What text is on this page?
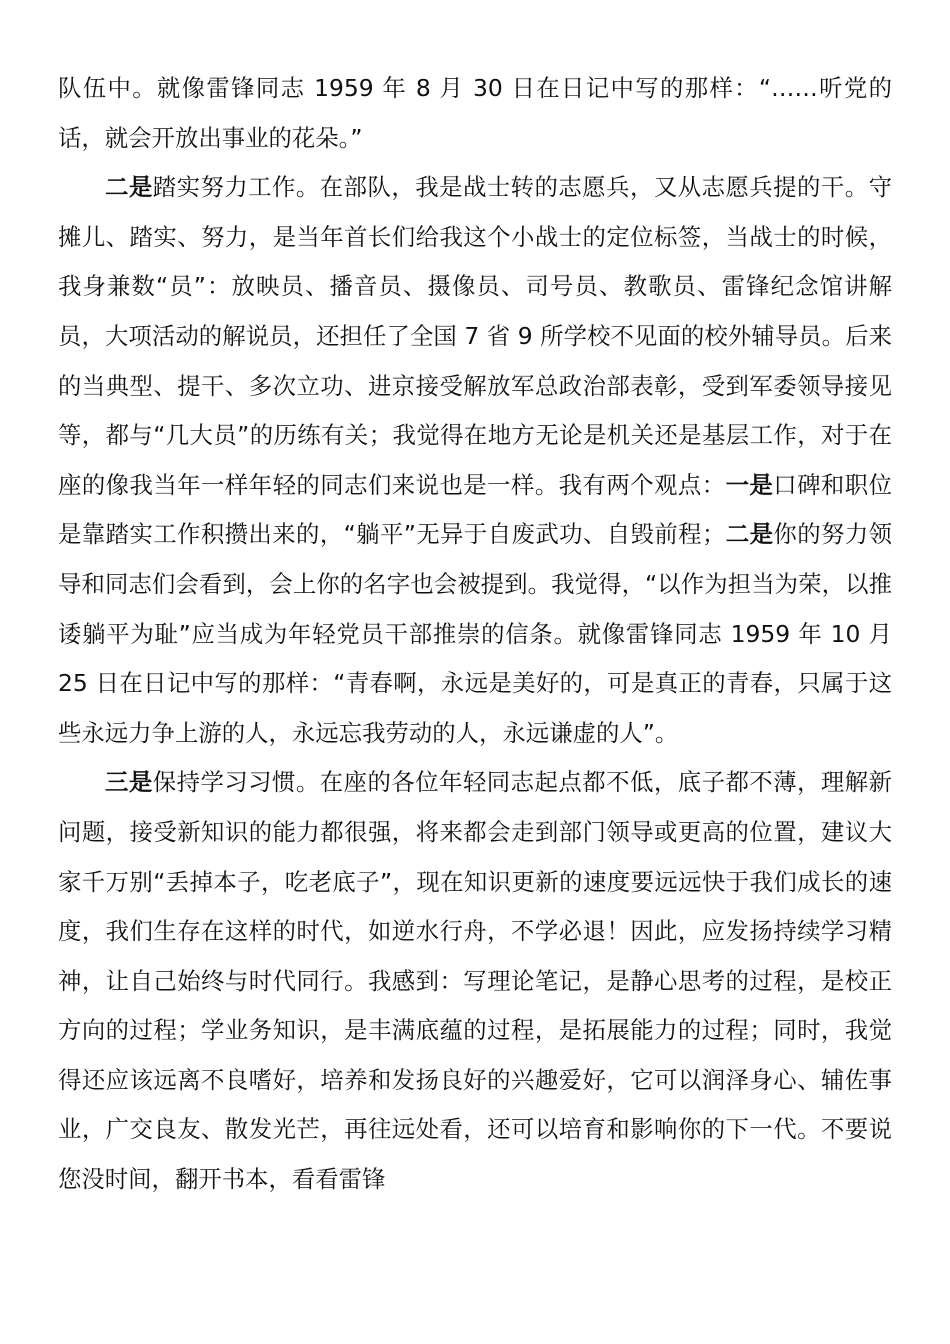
队伍中。就像雷锋同志 1959 年 8 月 30 日在日记中写的那样：“……听党的话，就会开放出事业的花朵。”

二是踏实努力工作。在部队，我是战士转的志愿兵，又从志愿兵提的干。守摊儿、踏实、努力，是当年首长们给我这个小战士的定位标签，当战士的时候，我身兼数“员”：放映员、播音员、摄像员、司号员、教歌员、雷锋纪念馆讲解员，大项活动的解说员，还担任了全国 7 省 9 所学校不见面的校外辅导员。后来的当典型、提干、多次立功、进京接受解放军总政治部表彰，受到军委领导接见等，都与“几大员”的历练有关；我觉得在地方无论是机关还是基层工作，对于在座的像我当年一样年轻的同志们来说也是一样。我有两个观点：一是口碑和职位是靠踏实工作积攒出来的，“躺平”无异于自废武功、自毁前程；二是你的努力领导和同志们会看到，会上你的名字也会被提到。我觉得，“以作为担当为荣，以推诿躺平为耻”应当成为年轻党员干部推崇的信条。就像雷锋同志 1959 年 10 月 25 日在日记中写的那样：“青春啊，永远是美好的，可是真正的青春，只属于这些永远力争上游的人，永远忘我劳动的人，永远谦虚的人”。

三是保持学习习惯。在座的各位年轻同志起点都不低，底子都不薄，理解新问题，接受新知识的能力都很强，将来都会走到部门领导或更高的位置，建议大家千万别“丢掉本子，吃老底子”，现在知识更新的速度要远远快于我们成长的速度，我们生存在这样的时代，如逆水行舟，不学必退！因此，应发扬持续学习精神，让自己始终与时代同行。我感到：写理论笔记，是静心思考的过程，是校正方向的过程；学业务知识，是丰满底蕴的过程，是拓展能力的过程；同时，我觉得还应该远离不良嗜好，培养和发扬良好的兴趣爱好，它可以润泽身心、辅佐事业，广交良友、散发光芒，再往远处看，还可以培育和影响你的下一代。不要说您没时间，翻开书本，看看雷锋
